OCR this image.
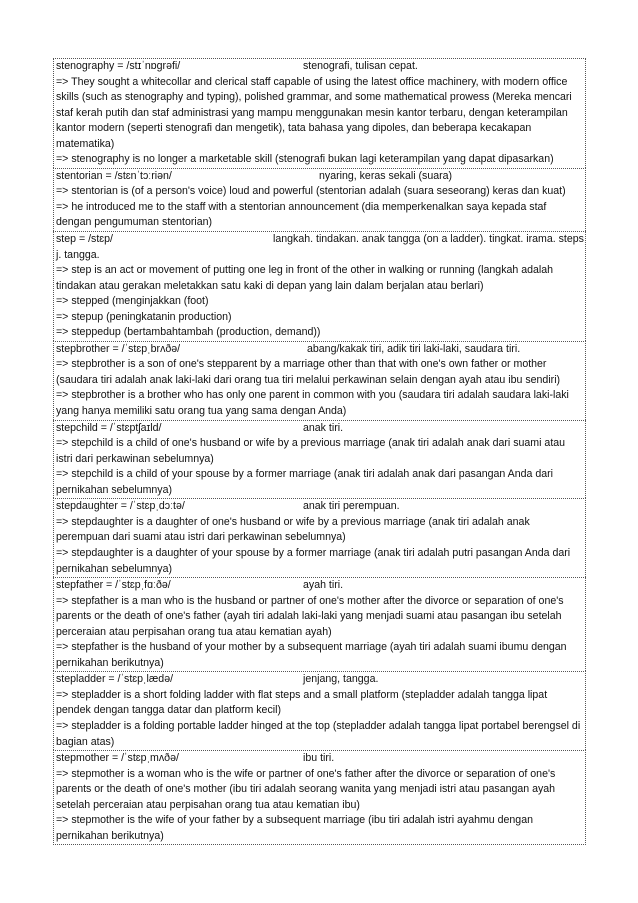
stenography = /stɪˈnɒɡrəfi/	stenografi, tulisan cepat.
=> They sought a whitecollar and clerical staff capable of using the latest office machinery, with modern office skills (such as stenography and typing), polished grammar, and some mathematical prowess (Mereka mencari staf kerah putih dan staf administrasi yang mampu menggunakan mesin kantor terbaru, dengan keterampilan kantor modern (seperti stenografi dan mengetik), tata bahasa yang dipoles, dan beberapa kecakapan matematika)
=> stenography is no longer a marketable skill (stenografi bukan lagi keterampilan yang dapat dipasarkan)
stentorian = /stɛnˈtɔːriən/	nyaring, keras sekali (suara)
=> stentorian is (of a person's voice) loud and powerful (stentorian adalah (suara seseorang) keras dan kuat)
=> he introduced me to the staff with a stentorian announcement (dia memperkenalkan saya kepada staf dengan pengumuman stentorian)
step = /stɛp/	langkah. tindakan. anak tangga (on a ladder). tingkat. irama. steps j. tangga.
=> step is an act or movement of putting one leg in front of the other in walking or running (langkah adalah tindakan atau gerakan meletakkan satu kaki di depan yang lain dalam berjalan atau berlari)
=> stepped (menginjakkan (foot)
=> stepup (peningkatanin production)
=> steppedup (bertambahtambah (production, demand))
stepbrother = /ˈstɛpˌbrʌðə/	abang/kakak tiri, adik tiri laki-laki, saudara tiri.
=> stepbrother is a son of one's stepparent by a marriage other than that with one's own father or mother (saudara tiri adalah anak laki-laki dari orang tua tiri melalui perkawinan selain dengan ayah atau ibu sendiri)
=> stepbrother is a brother who has only one parent in common with you (saudara tiri adalah saudara laki-laki yang hanya memiliki satu orang tua yang sama dengan Anda)
stepchild = /ˈstɛptʃaɪld/	anak tiri.
=> stepchild is a child of one's husband or wife by a previous marriage (anak tiri adalah anak dari suami atau istri dari perkawinan sebelumnya)
=> stepchild is a child of your spouse by a former marriage (anak tiri adalah anak dari pasangan Anda dari pernikahan sebelumnya)
stepdaughter = /ˈstɛpˌdɔːtə/	anak tiri perempuan.
=> stepdaughter is a daughter of one's husband or wife by a previous marriage (anak tiri adalah anak perempuan dari suami atau istri dari perkawinan sebelumnya)
=> stepdaughter is a daughter of your spouse by a former marriage (anak tiri adalah putri pasangan Anda dari pernikahan sebelumnya)
stepfather = /ˈstɛpˌfɑːðə/	ayah tiri.
=> stepfather is a man who is the husband or partner of one's mother after the divorce or separation of one's parents or the death of one's father (ayah tiri adalah laki-laki yang menjadi suami atau pasangan ibu setelah perceraian atau perpisahan orang tua atau kematian ayah)
=> stepfather is the husband of your mother by a subsequent marriage (ayah tiri adalah suami ibumu dengan pernikahan berikutnya)
stepladder = /ˈstɛpˌlædə/	jenjang, tangga.
=> stepladder is a short folding ladder with flat steps and a small platform (stepladder adalah tangga lipat pendek dengan tangga datar dan platform kecil)
=> stepladder is a folding portable ladder hinged at the top (stepladder adalah tangga lipat portabel berengsel di bagian atas)
stepmother = /ˈstɛpˌmʌðə/	ibu tiri.
=> stepmother is a woman who is the wife or partner of one's father after the divorce or separation of one's parents or the death of one's mother (ibu tiri adalah seorang wanita yang menjadi istri atau pasangan ayah setelah perceraian atau perpisahan orang tua atau kematian ibu)
=> stepmother is the wife of your father by a subsequent marriage (ibu tiri adalah istri ayahmu dengan pernikahan berikutnya)
